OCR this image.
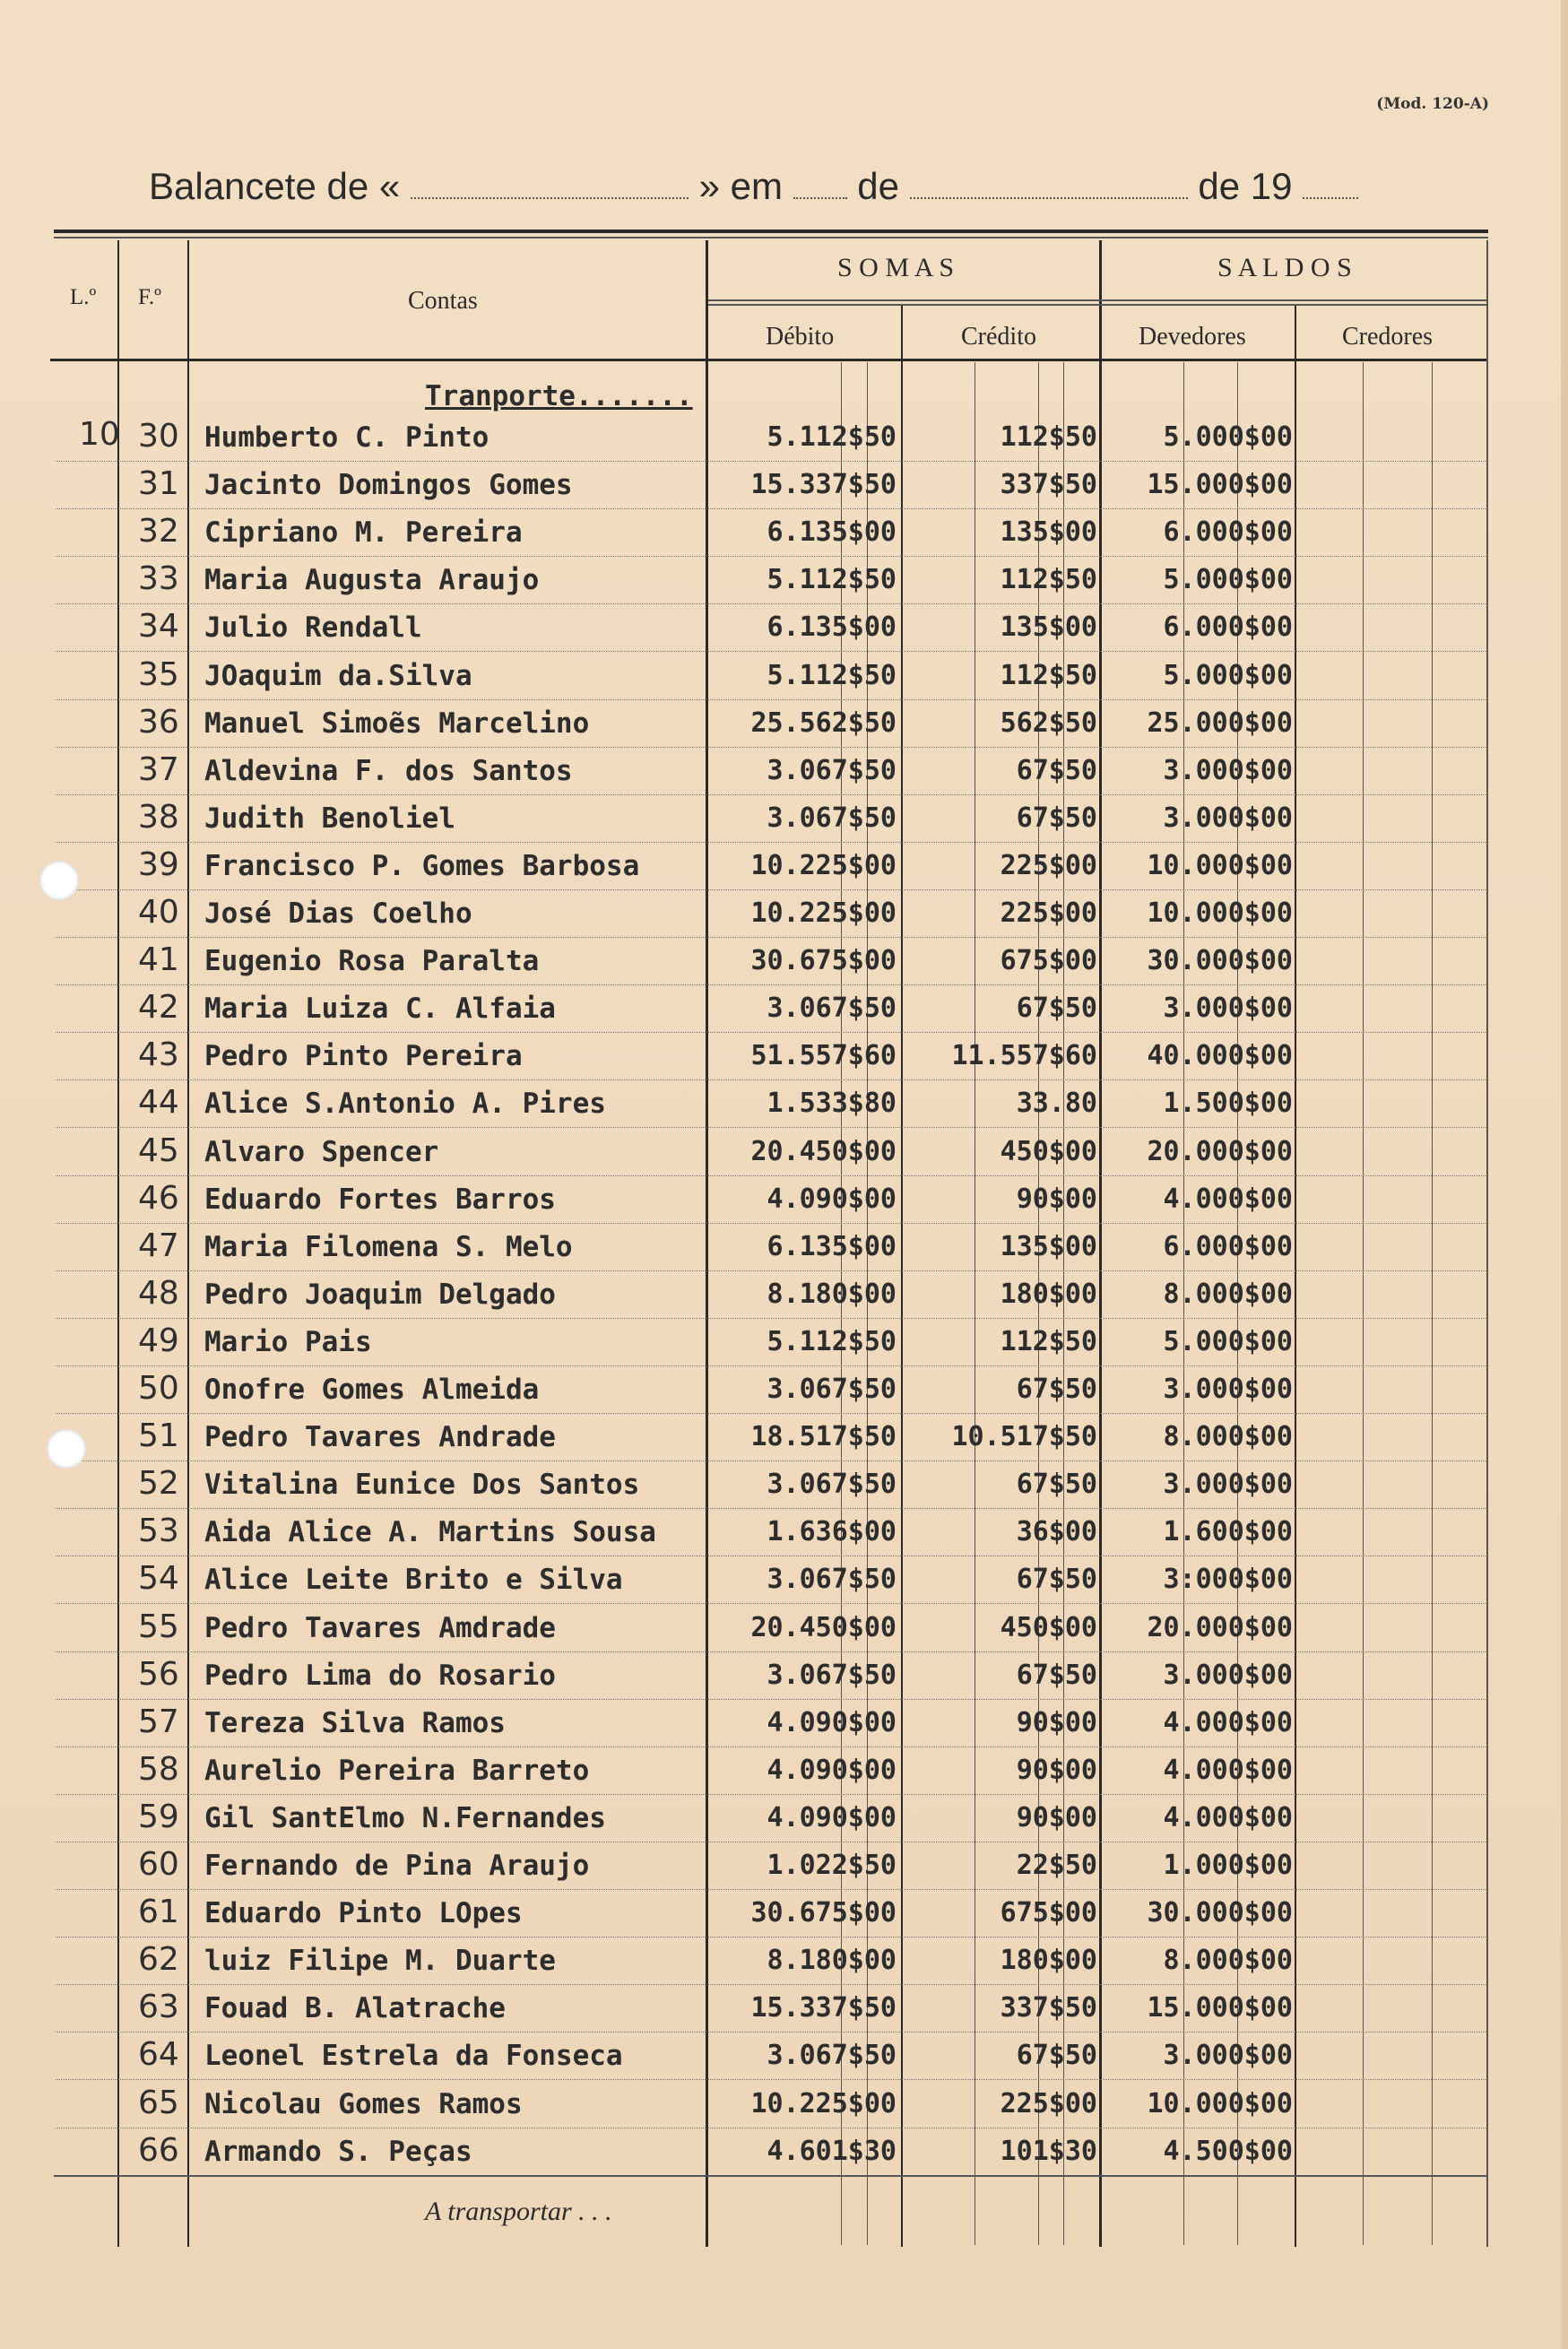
(Mod. 120-A)
Balancete de «	» em de	de 19
L.º F.º	Contas
S O M A S	S A L D O S
Débito	Crédito	Devedores	Credores
Tranporte.......
10 30 Humberto C. Pinto	5.112$50	112$50	5.000$00
31 Jacinto Domingos Gomes	15.337$50	337$50	15.000$00
32 Cipriano M. Pereira	6.135$00	135$00	6.000$00
33 Maria Augusta Araujo	5.112$50	112$50	5.000$00
34 Julio Rendall	6.135$00	135$00	6.000$00
35 JOaquim da.Silva	5.112$50	112$50	5.000$00
36 Manuel Simoẽs Marcelino	25.562$50	562$50	25.000$00
37 Aldevina F. dos Santos	3.067$50	67$50	3.000$00
38 Judith Benoliel	3.067$50	67$50	3.000$00
39 Francisco P. Gomes Barbosa	10.225$00	225$00	10.000$00
40 José Dias Coelho	10.225$00	225$00	10.000$00
41 Eugenio Rosa Paralta	30.675$00	675$00	30.000$00
42 Maria Luiza C. Alfaia	3.067$50	67$50	3.000$00
43 Pedro Pinto Pereira	51.557$60	11.557$60	40.000$00
44 Alice S.Antonio A. Pires	1.533$80	33.80	1.500$00
45 Alvaro Spencer	20.450$00	450$00	20.000$00
46 Eduardo Fortes Barros	4.090$00	90$00	4.000$00
47 Maria Filomena S. Melo	6.135$00	135$00	6.000$00
48 Pedro Joaquim Delgado	8.180$00	180$00	8.000$00
49 Mario Pais	5.112$50	112$50	5.000$00
50 Onofre Gomes Almeida	3.067$50	67$50	3.000$00
51 Pedro Tavares Andrade	18.517$50	10.517$50	8.000$00
52 Vitalina Eunice Dos Santos	3.067$50	67$50	3.000$00
53 Aida Alice A. Martins Sousa	1.636$00	36$00	1.600$00
54 Alice Leite Brito e Silva	3.067$50	67$50	3:000$00
55 Pedro Tavares Amdrade	20.450$00	450$00	20.000$00
56 Pedro Lima do Rosario	3.067$50	67$50	3.000$00
57 Tereza Silva Ramos	4.090$00	90$00	4.000$00
58 Aurelio Pereira Barreto	4.090$00	90$00	4.000$00
59 Gil SantElmo N.Fernandes	4.090$00	90$00	4.000$00
60 Fernando de Pina Araujo	1.022$50	22$50	1.000$00
61 Eduardo Pinto LOpes	30.675$00	675$00	30.000$00
62 luiz Filipe M. Duarte	8.180$00	180$00	8.000$00
63 Fouad B. Alatrache	15.337$50	337$50	15.000$00
64 Leonel Estrela da Fonseca	3.067$50	67$50	3.000$00
65 Nicolau Gomes Ramos	10.225$00	225$00	10.000$00
66 Armando S. Peças	4.601$30	101$30	4.500$00
A transportar . . .
